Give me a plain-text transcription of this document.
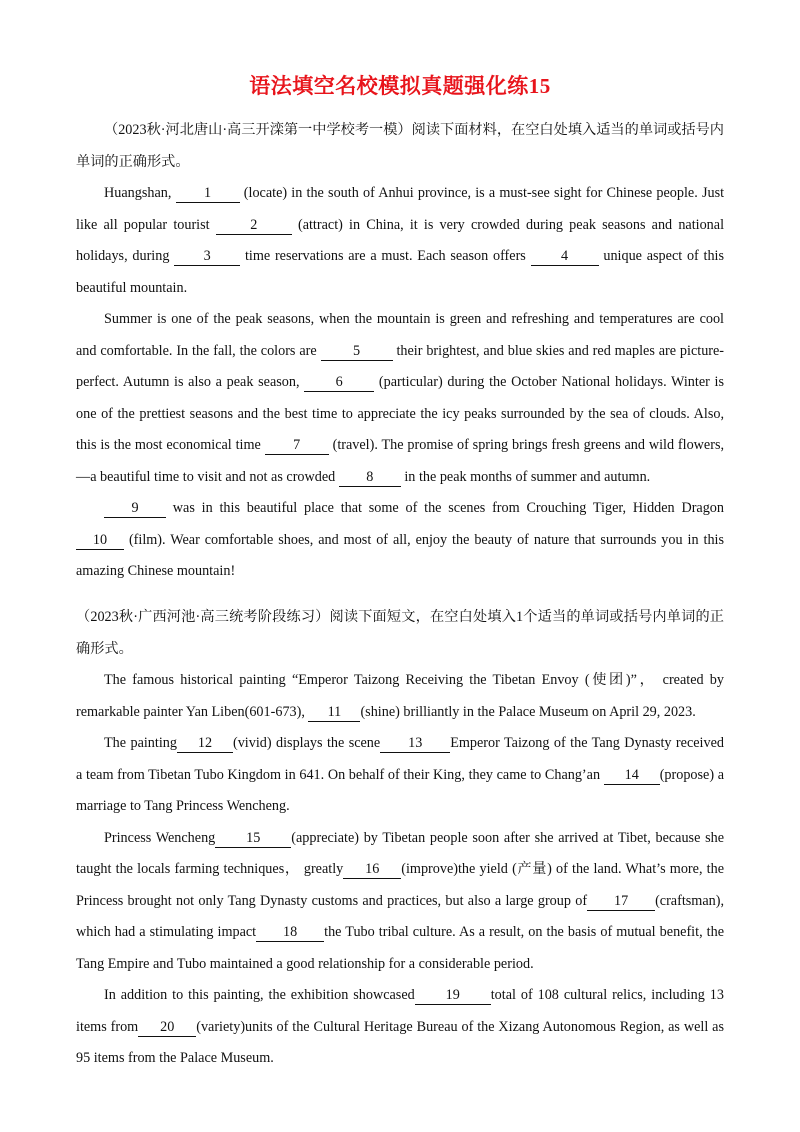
语法填空名校模拟真题强化练15

（2023秋·河北唐山·高三开滦第一中学校考一模）阅读下面材料，在空白处填入适当的单词或括号内单词的正确形式。

Huangshan, 1 (locate) in the south of Anhui province, is a must-see sight for Chinese people. Just like all popular tourist	2	(attract) in China, it is very crowded during peak seasons and national holidays, during 3 time reservations are a must. Each season offers 4 unique aspect of this beautiful mountain.

Summer is one of the peak seasons, when the mountain is green and refreshing and temperatures are cool and comfortable. In the fall, the colors are	5	their brightest, and blue skies and red maples are picture-perfect. Autumn is also a peak season,	6	(particular) during the October National holidays. Winter is one of the prettiest seasons and the best time to appreciate the icy peaks surrounded by the sea of clouds. Also, this is the most economical time 7 (travel). The promise of spring brings fresh greens and wild flowers, —a beautiful time to visit and not as crowded 8 in the peak months of summer and autumn.

9 was in this beautiful place that some of the scenes from Crouching Tiger, Hidden Dragon 10 (film). Wear comfortable shoes, and most of all, enjoy the beauty of nature that surrounds you in this amazing Chinese mountain!

（2023秋·广西河池·高三统考阶段练习）阅读下面短文，在空白处填入1个适当的单词或括号内单词的正确形式。

The famous historical painting “Emperor Taizong Receiving the Tibetan Envoy (使团)”， created by remarkable painter Yan Liben(601-673), 11 (shine) brilliantly in the Palace Museum on April 29, 2023.

The painting 12 (vivid) displays the scene 13 Emperor Taizong of the Tang Dynasty received a team from Tibetan Tubo Kingdom in 641. On behalf of their King, they came to Chang’an 14 (propose) a marriage to Tang Princess Wencheng.

Princess Wencheng 15 (appreciate) by Tibetan people soon after she arrived at Tibet, because she taught the locals farming techniques， greatly 16 (improve)the yield (产量) of the land. What’s more, the Princess brought not only Tang Dynasty customs and practices, but also a large group of 17 (craftsman), which had a stimulating impact 18 the Tubo tribal culture. As a result, on the basis of mutual benefit, the Tang Empire and Tubo maintained a good relationship for a considerable period.

In addition to this painting, the exhibition showcased 19 total of 108 cultural relics, including 13 items from 20 (variety)units of the Cultural Heritage Bureau of the Xizang Autonomous Region, as well as 95 items from the Palace Museum.
